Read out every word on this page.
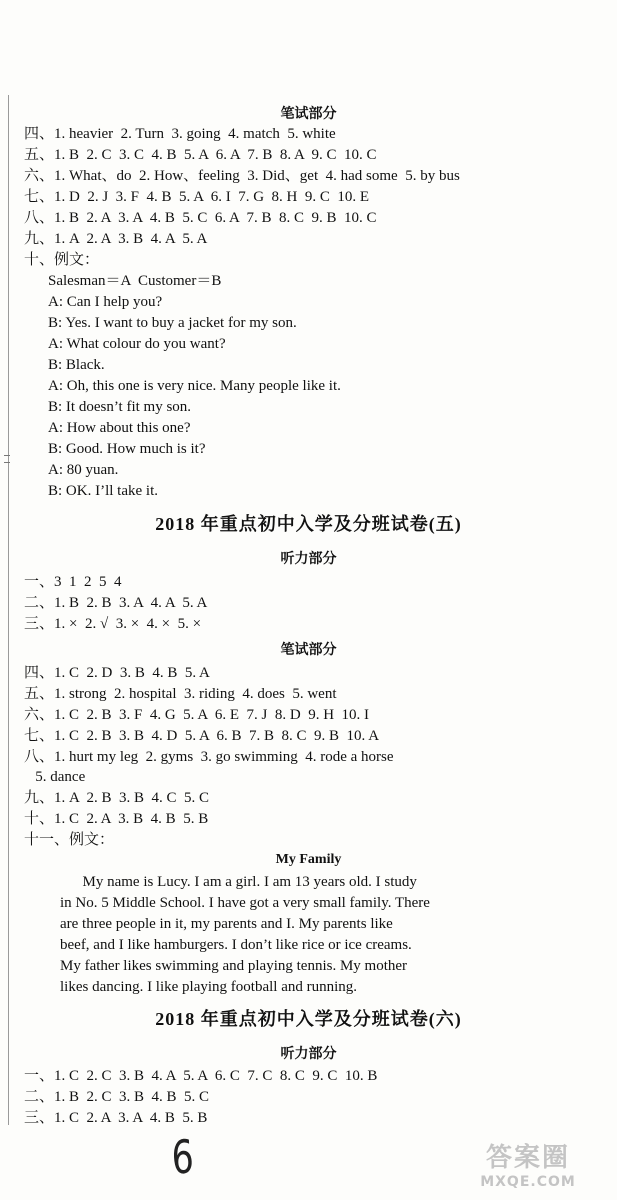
笔试部分
四、1. heavier  2. Turn  3. going  4. match  5. white
五、1. B  2. C  3. C  4. B  5. A  6. A  7. B  8. A  9. C  10. C
六、1. What、do  2. How、feeling  3. Did、get  4. had some  5. by bus
七、1. D  2. J  3. F  4. B  5. A  6. I  7. G  8. H  9. C  10. E
八、1. B  2. A  3. A  4. B  5. C  6. A  7. B  8. C  9. B  10. C
九、1. A  2. A  3. B  4. A  5. A
十、例文：
Salesman＝A  Customer＝B
A: Can I help you?
B: Yes. I want to buy a jacket for my son.
A: What colour do you want?
B: Black.
A: Oh, this one is very nice. Many people like it.
B: It doesn’t fit my son.
A: How about this one?
B: Good. How much is it?
A: 80 yuan.
B: OK. I’ll take it.
2018 年重点初中入学及分班试卷(五)
听力部分
一、3  1  2  5  4
二、1. B  2. B  3. A  4. A  5. A
三、1. ×  2. √  3. ×  4. ×  5. ×
笔试部分
四、1. C  2. D  3. B  4. B  5. A
五、1. strong  2. hospital  3. riding  4. does  5. went
六、1. C  2. B  3. F  4. G  5. A  6. E  7. J  8. D  9. H  10. I
七、1. C  2. B  3. B  4. D  5. A  6. B  7. B  8. C  9. B  10. A
八、1. hurt my leg  2. gyms  3. go swimming  4. rode a horse
5. dance
九、1. A  2. B  3. B  4. C  5. C
十、1. C  2. A  3. B  4. B  5. B
十一、例文：
My Family
My name is Lucy. I am a girl. I am 13 years old. I study
in No. 5 Middle School. I have got a very small family. There
are three people in it, my parents and I. My parents like
beef, and I like hamburgers. I don’t like rice or ice creams.
My father likes swimming and playing tennis. My mother
likes dancing. I like playing football and running.
2018 年重点初中入学及分班试卷(六)
听力部分
一、1. C  2. C  3. B  4. A  5. A  6. C  7. C  8. C  9. C  10. B
二、1. B  2. C  3. B  4. B  5. C
三、1. C  2. A  3. A  4. B  5. B
6	答案圈
MXQE.COM
